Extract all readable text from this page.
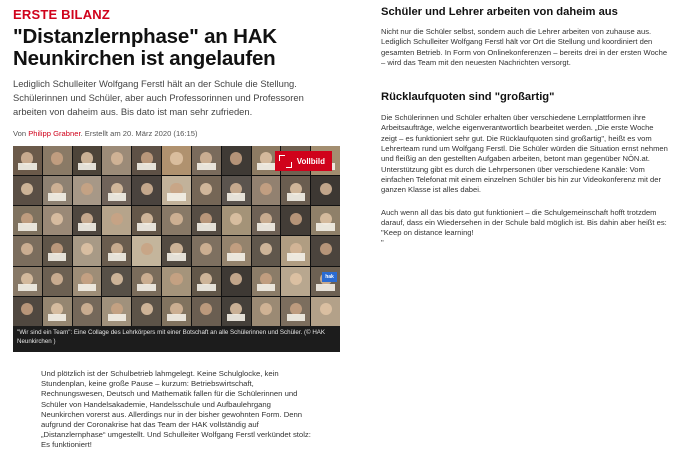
ERSTE BILANZ
"Distanzlernphase" an HAK Neunkirchen ist angelaufen

Lediglich Schulleiter Wolfgang Ferstl hält an der Schule die Stellung. Schülerinnen und Schüler, aber auch Professorinnen und Professoren arbeiten von daheim aus. Bis dato ist man sehr zufrieden.

Von Philipp Grabner. Erstellt am 20. März 2020 (16:15)

Vollbild
hak
"Wir sind ein Team": Eine Collage des Lehrkörpers mit einer Botschaft an alle Schülerinnen und Schüler. (© HAK Neunkirchen )
Und plötzlich ist der Schulbetrieb lahmgelegt. Keine Schulglocke, kein Stundenplan, keine große Pause – kurzum: Betriebswirtschaft, Rechnungswesen, Deutsch und Mathematik fallen für die Schülerinnen und Schüler von Handelsakademie, Handelsschule und Aufbaulehrgang Neunkirchen vorerst aus. Allerdings nur in der bisher gewohnten Form. Denn aufgrund der Coronakrise hat das Team der HAK vollständig auf „Distanzlernphase“ umgestellt. Und Schulleiter Wolfgang Ferstl verkündet stolz: Es funktioniert!
Schüler und Lehrer arbeiten von daheim aus

Nicht nur die Schüler selbst, sondern auch die Lehrer arbeiten von zuhause aus. Lediglich Schulleiter Wolfgang Ferstl hält vor Ort die Stellung und koordiniert den gesamten Betrieb. In Form von Onlinekonferenzen – bereits drei in der ersten Woche – wird das Team mit den neuesten Nachrichten versorgt.

Rücklaufquoten sind "großartig"

Die Schülerinnen und Schüler erhalten über verschiedene Lernplattformen ihre Arbeitsaufträge, welche eigenverantwortlich bearbeitet werden. „Die erste Woche zeigt – es funktioniert sehr gut. Die Rücklaufquoten sind großartig", heißt es vom Lehrerteam rund um Wolfgang Ferstl. Die Schüler würden die Situation ernst nehmen und fleißig an den gestellten Aufgaben arbeiten, betont man gegenüber NÖN.at. Unterstützung gibt es durch die Lehrpersonen über verschiedene Kanäle: Vom einfachen Telefonat mit einem einzelnen Schüler bis hin zur Videokonferenz mit der ganzen Klasse ist alles dabei.

Auch wenn all das bis dato gut funktioniert – die Schulgemeinschaft hofft trotzdem darauf, dass ein Wiedersehen in der Schule bald möglich ist. Bis dahin aber heißt es: "Keep on distance learning!

"
